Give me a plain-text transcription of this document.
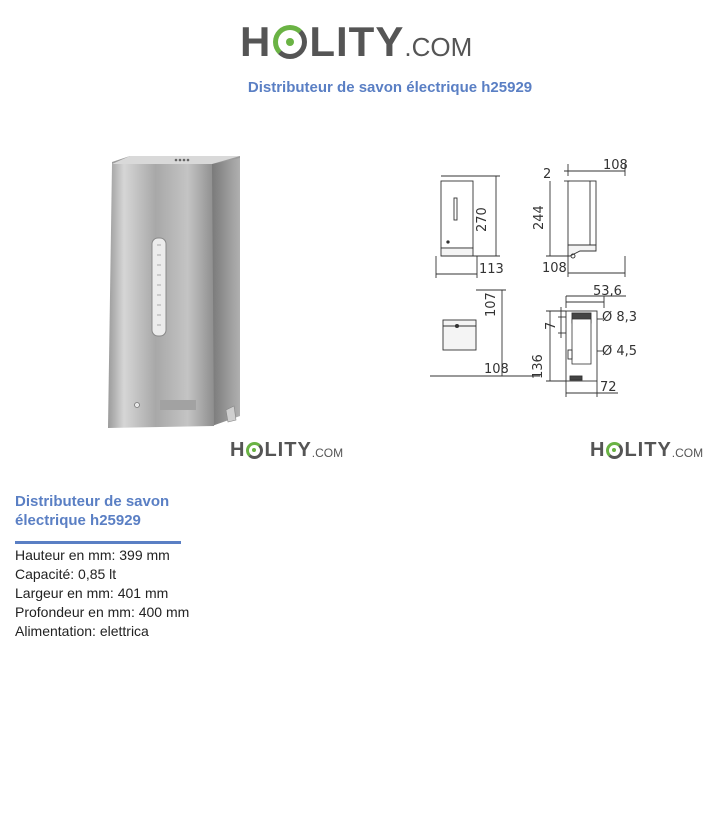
H LITY .COM
Distributeur de savon électrique h25929
270
113
2
108
244
108
107
108
53,6
7
Ø 8,3
Ø 4,5
136
72
H LITY .COM	H LITY .COM
Distributeur de savon électrique h25929
Hauteur en mm: 399 mm
Capacité: 0,85 lt
Largeur en mm: 401 mm
Profondeur en mm: 400 mm
Alimentation: elettrica
